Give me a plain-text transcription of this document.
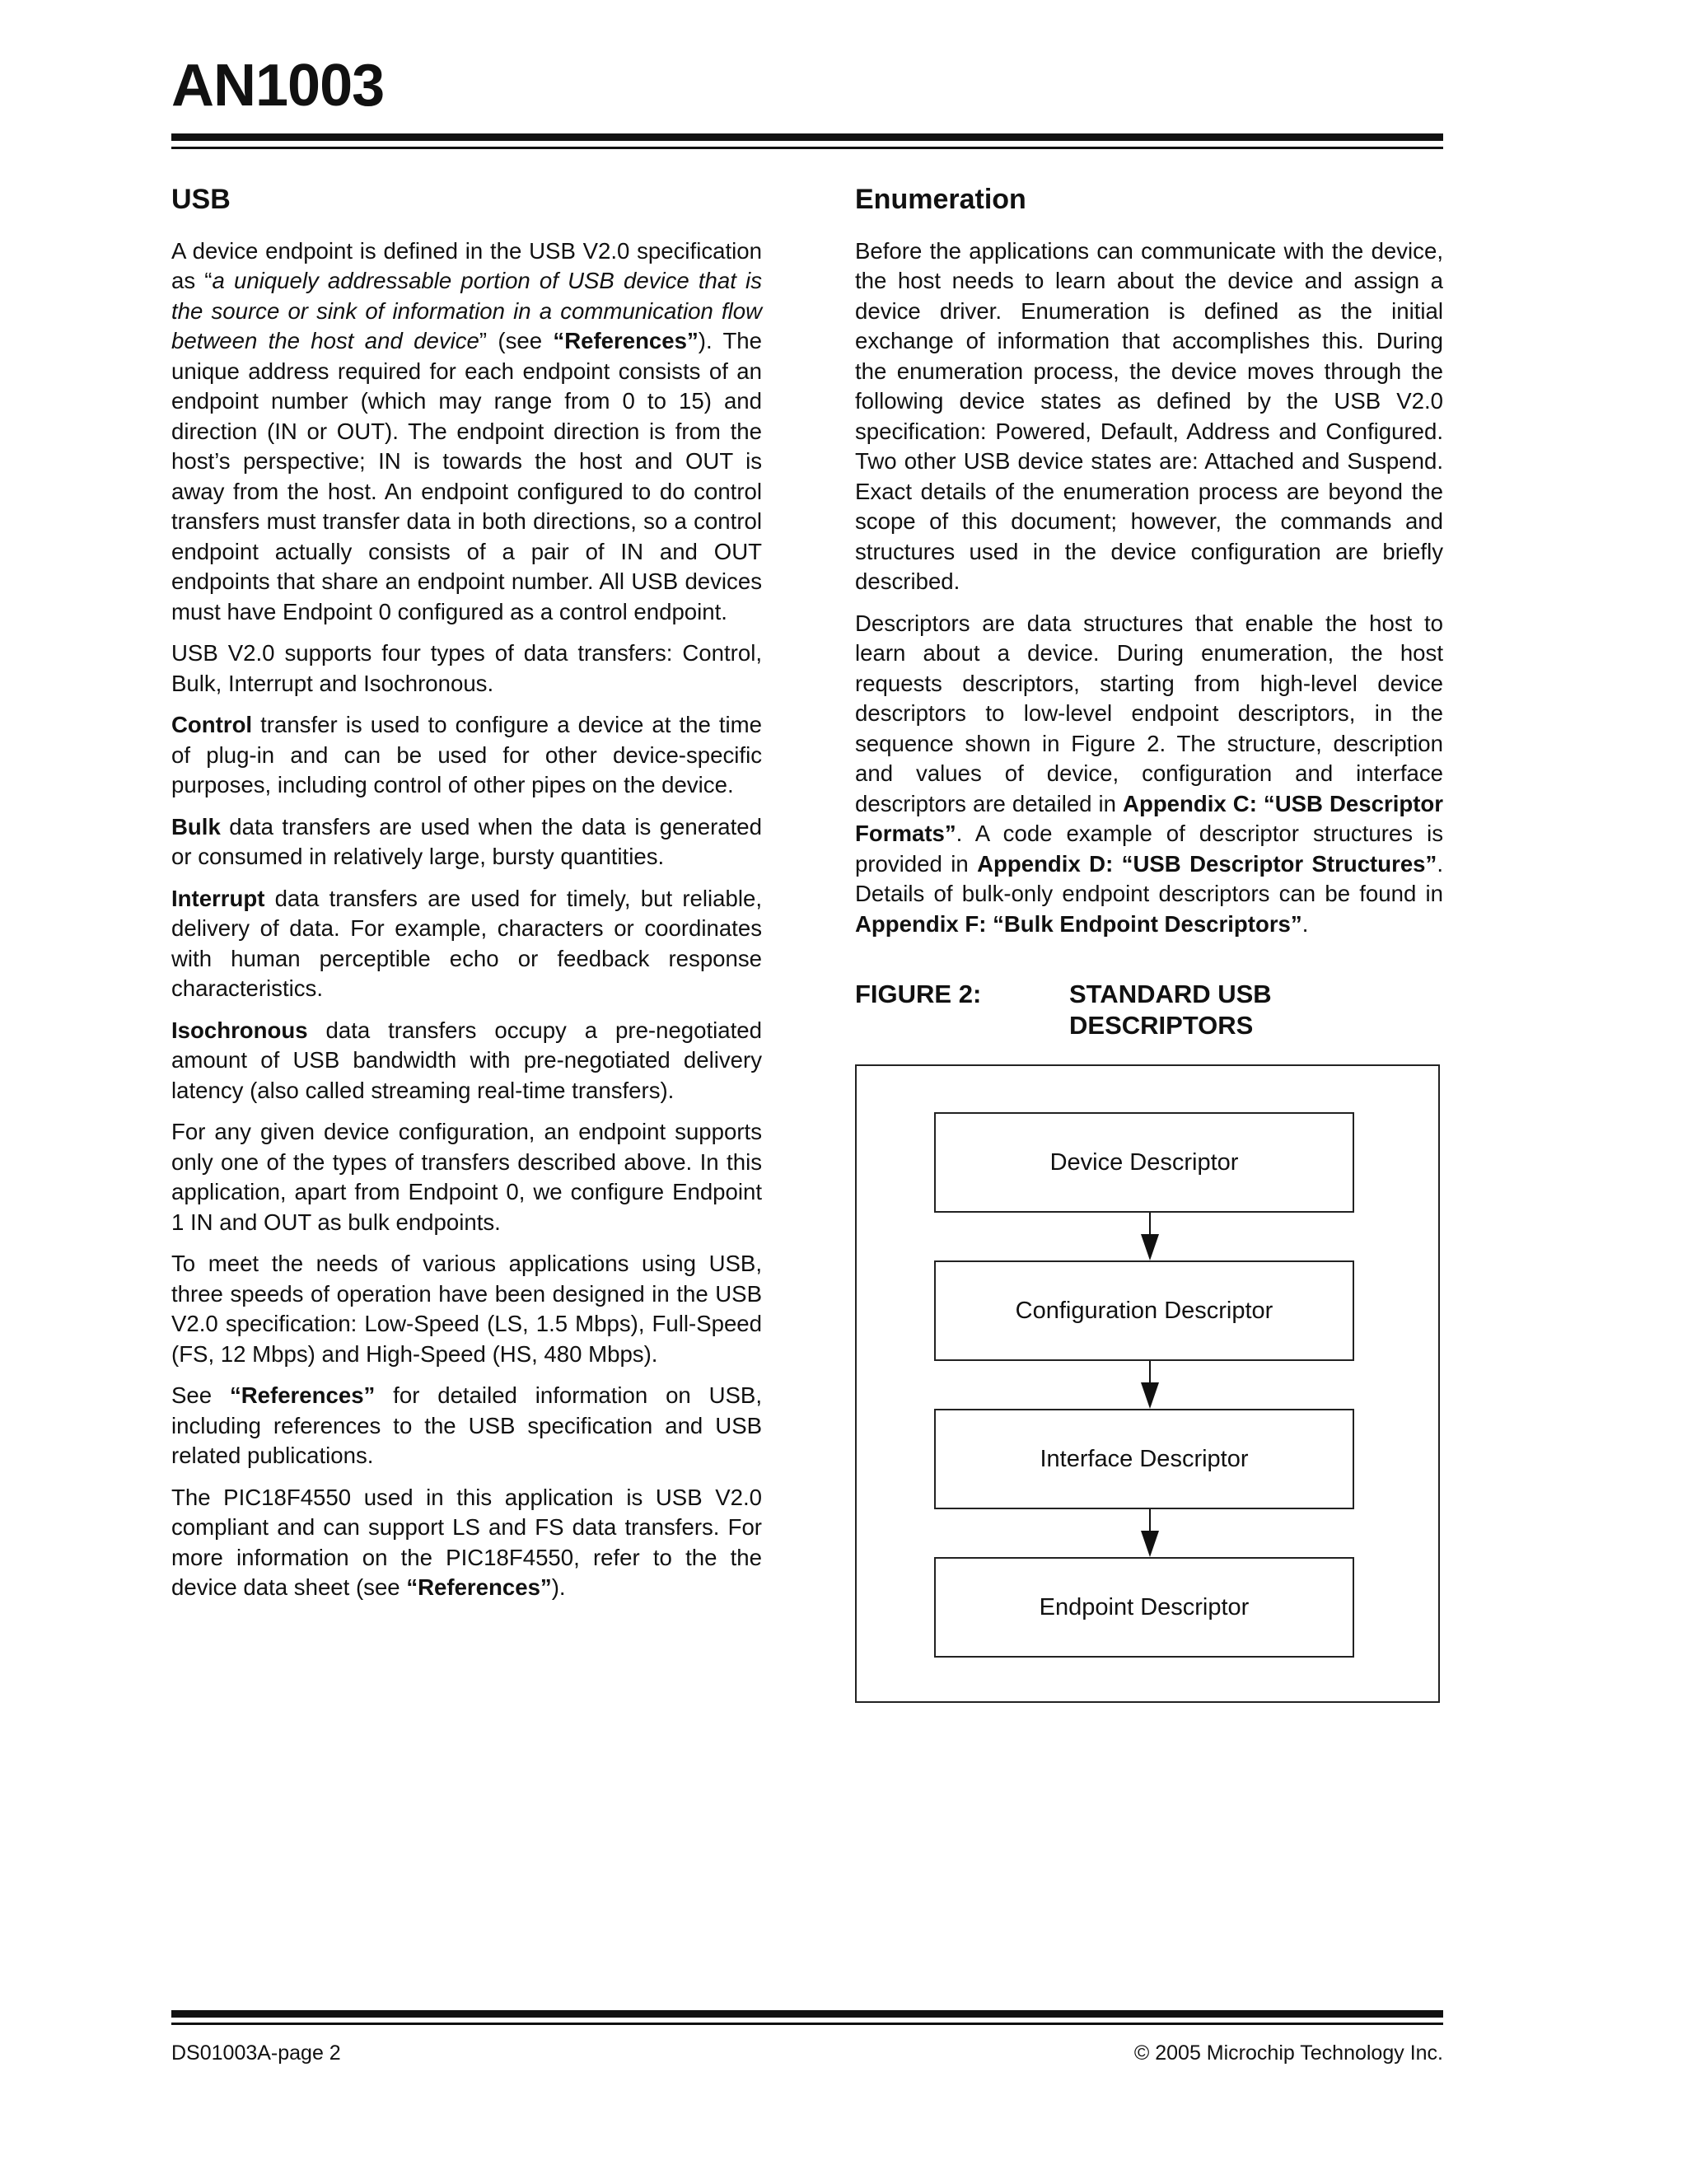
AN1003
USB

A device endpoint is defined in the USB V2.0 specification as “a uniquely addressable portion of USB device that is the source or sink of information in a communication flow between the host and device” (see “References”). The unique address required for each endpoint consists of an endpoint number (which may range from 0 to 15) and direction (IN or OUT). The endpoint direction is from the host’s perspective; IN is towards the host and OUT is away from the host. An endpoint configured to do control transfers must transfer data in both directions, so a control endpoint actually consists of a pair of IN and OUT endpoints that share an endpoint number. All USB devices must have Endpoint 0 configured as a control endpoint.

USB V2.0 supports four types of data transfers: Control, Bulk, Interrupt and Isochronous.

Control transfer is used to configure a device at the time of plug-in and can be used for other device-specific purposes, including control of other pipes on the device.

Bulk data transfers are used when the data is generated or consumed in relatively large, bursty quantities.

Interrupt data transfers are used for timely, but reliable, delivery of data. For example, characters or coordinates with human perceptible echo or feedback response characteristics.

Isochronous data transfers occupy a pre-negotiated amount of USB bandwidth with pre-negotiated delivery latency (also called streaming real-time transfers).

For any given device configuration, an endpoint supports only one of the types of transfers described above. In this application, apart from Endpoint 0, we configure Endpoint 1 IN and OUT as bulk endpoints.

To meet the needs of various applications using USB, three speeds of operation have been designed in the USB V2.0 specification: Low-Speed (LS, 1.5 Mbps), Full-Speed (FS, 12 Mbps) and High-Speed (HS, 480 Mbps).

See “References” for detailed information on USB, including references to the USB specification and USB related publications.

The PIC18F4550 used in this application is USB V2.0 compliant and can support LS and FS data transfers. For more information on the PIC18F4550, refer to the the device data sheet (see “References”).

Enumeration

Before the applications can communicate with the device, the host needs to learn about the device and assign a device driver. Enumeration is defined as the initial exchange of information that accomplishes this. During the enumeration process, the device moves through the following device states as defined by the USB V2.0 specification: Powered, Default, Address and Configured. Two other USB device states are: Attached and Suspend. Exact details of the enumeration process are beyond the scope of this document; however, the commands and structures used in the device configuration are briefly described.

Descriptors are data structures that enable the host to learn about a device. During enumeration, the host requests descriptors, starting from high-level device descriptors to low-level endpoint descriptors, in the sequence shown in Figure 2. The structure, description and values of device, configuration and interface descriptors are detailed in Appendix C: “USB Descriptor Formats”. A code example of descriptor structures is provided in Appendix D: “USB Descriptor Structures”. Details of bulk-only endpoint descriptors can be found in Appendix F: “Bulk Endpoint Descriptors”.

FIGURE 2:	STANDARD USB DESCRIPTORS
Device Descriptor
Configuration Descriptor
Interface Descriptor
Endpoint Descriptor
DS01003A-page 2	© 2005 Microchip Technology Inc.
